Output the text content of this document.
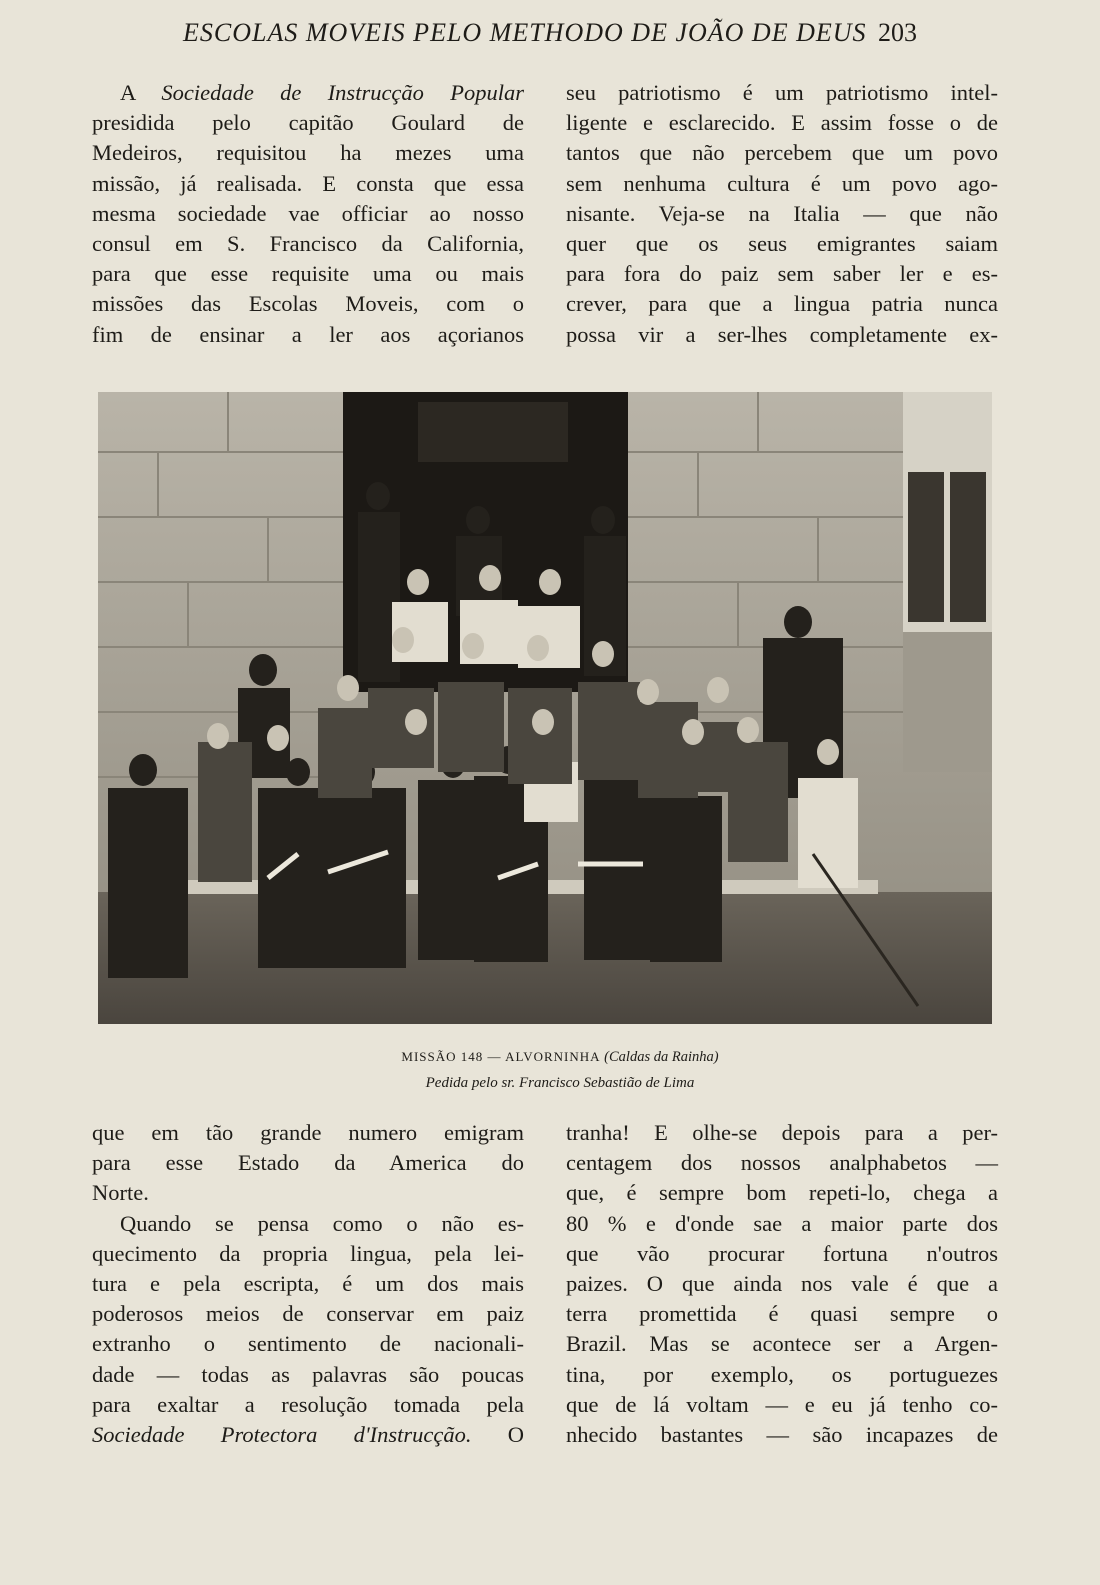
ESCOLAS MOVEIS PELO METHODO DE JOÃO DE DEUS 203

A Sociedade de Instrucção Popular

presidida pelo capitão Goulard de

Medeiros, requisitou ha mezes uma

missão, já realisada. E consta que essa

mesma sociedade vae officiar ao nosso

consul em S. Francisco da California,

para que esse requisite uma ou mais

missões das Escolas Moveis, com o

fim de ensinar a ler aos açorianos

seu patriotismo é um patriotismo intel-

ligente e esclarecido. E assim fosse o de

tantos que não percebem que um povo

sem nenhuma cultura é um povo ago-

nisante. Veja-se na Italia — que não

quer que os seus emigrantes saiam

para fora do paiz sem saber ler e es-

crever, para que a lingua patria nunca

possa vir a ser-lhes completamente ex-

MISSÃO 148 — ALVORNINHA (Caldas da Rainha)
Pedida pelo sr. Francisco Sebastião de Lima

que em tão grande numero emigram

para esse Estado da America do

Norte.

Quando se pensa como o não es-

quecimento da propria lingua, pela lei-

tura e pela escripta, é um dos mais

poderosos meios de conservar em paiz

extranho o sentimento de nacionali-

dade — todas as palavras são poucas

para exaltar a resolução tomada pela

Sociedade Protectora d'Instrucção. O

tranha! E olhe-se depois para a per-

centagem dos nossos analphabetos —

que, é sempre bom repeti-lo, chega a

80 % e d'onde sae a maior parte dos

que vão procurar fortuna n'outros

paizes. O que ainda nos vale é que a

terra promettida é quasi sempre o

Brazil. Mas se acontece ser a Argen-

tina, por exemplo, os portuguezes

que de lá voltam — e eu já tenho co-

nhecido bastantes — são incapazes de
